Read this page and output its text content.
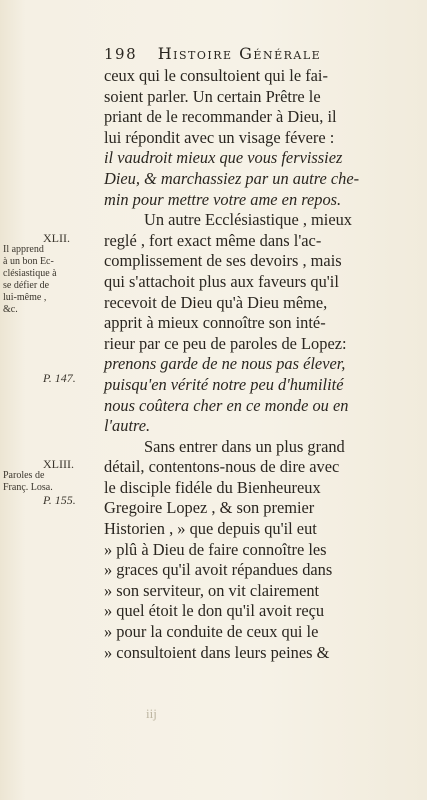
198 Histoire Générale
ceux qui le consultoient qui le fai-
soient parler. Un certain Prêtre le
priant de le recommander à Dieu, il
lui répondit avec un visage févere :
il vaudroit mieux que vous fervissiez
Dieu, & marchassiez par un autre che-
min pour mettre votre ame en repos.
Un autre Ecclésiastique , mieux
reglé , fort exact même dans l'ac-
complissement de ses devoirs , mais
qui s'attachoit plus aux faveurs qu'il
recevoit de Dieu qu'à Dieu même,
apprit à mieux connoître son inté-
rieur par ce peu de paroles de Lopez:
prenons garde de ne nous pas élever,
puisqu'en vérité notre peu d'humilité
nous coûtera cher en ce monde ou en
l'autre.
Sans entrer dans un plus grand
détail, contentons-nous de dire avec
le disciple fidéle du Bienheureux
Gregoire Lopez , & son premier
Historien , » que depuis qu'il eut
» plû à Dieu de faire connoître les
» graces qu'il avoit répandues dans
» son serviteur, on vit clairement
» quel étoit le don qu'il avoit reçu
» pour la conduite de ceux qui le
» consultoient dans leurs peines &
XLII.
Il apprend
à un bon Ec-
clésiastique à
se défier de
lui-même ,
&c.
P. 147.
XLIII.
Paroles de
Franç. Losa.
P. 155.
iij
